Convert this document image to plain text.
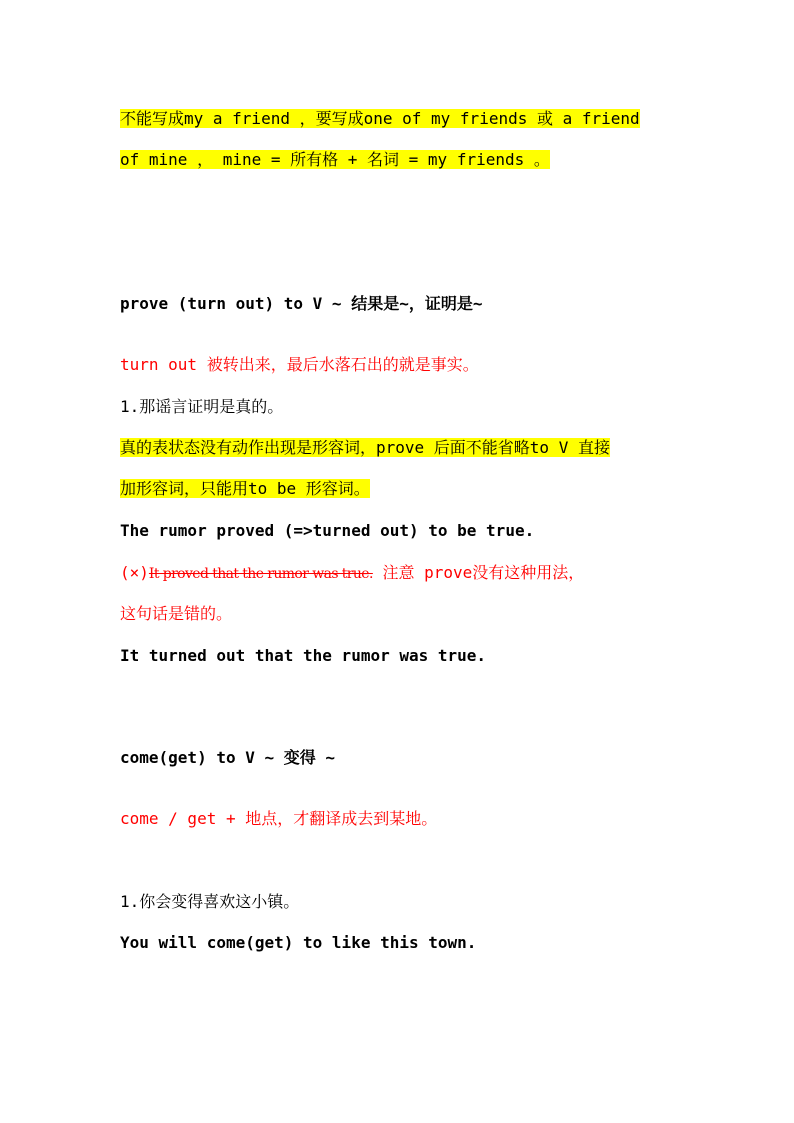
不能写成my a friend ，要写成one of my friends 或 a friend
of mine ， mine = 所有格 + 名词 = my friends 。
prove (turn out) to V ~ 结果是~，证明是~
turn out 被转出来，最后水落石出的就是事实。
1.那谣言证明是真的。
真的表状态没有动作出现是形容词，prove 后面不能省略to V 直接
加形容词，只能用to be 形容词。
The rumor proved (=>turned out) to be true.
(×)It proved that the rumor was true. 注意 prove没有这种用法，
这句话是错的。
It turned out that the rumor was true.
come(get) to V ~ 变得 ~
come / get + 地点，才翻译成去到某地。
1.你会变得喜欢这小镇。
You will come(get) to like this town.
